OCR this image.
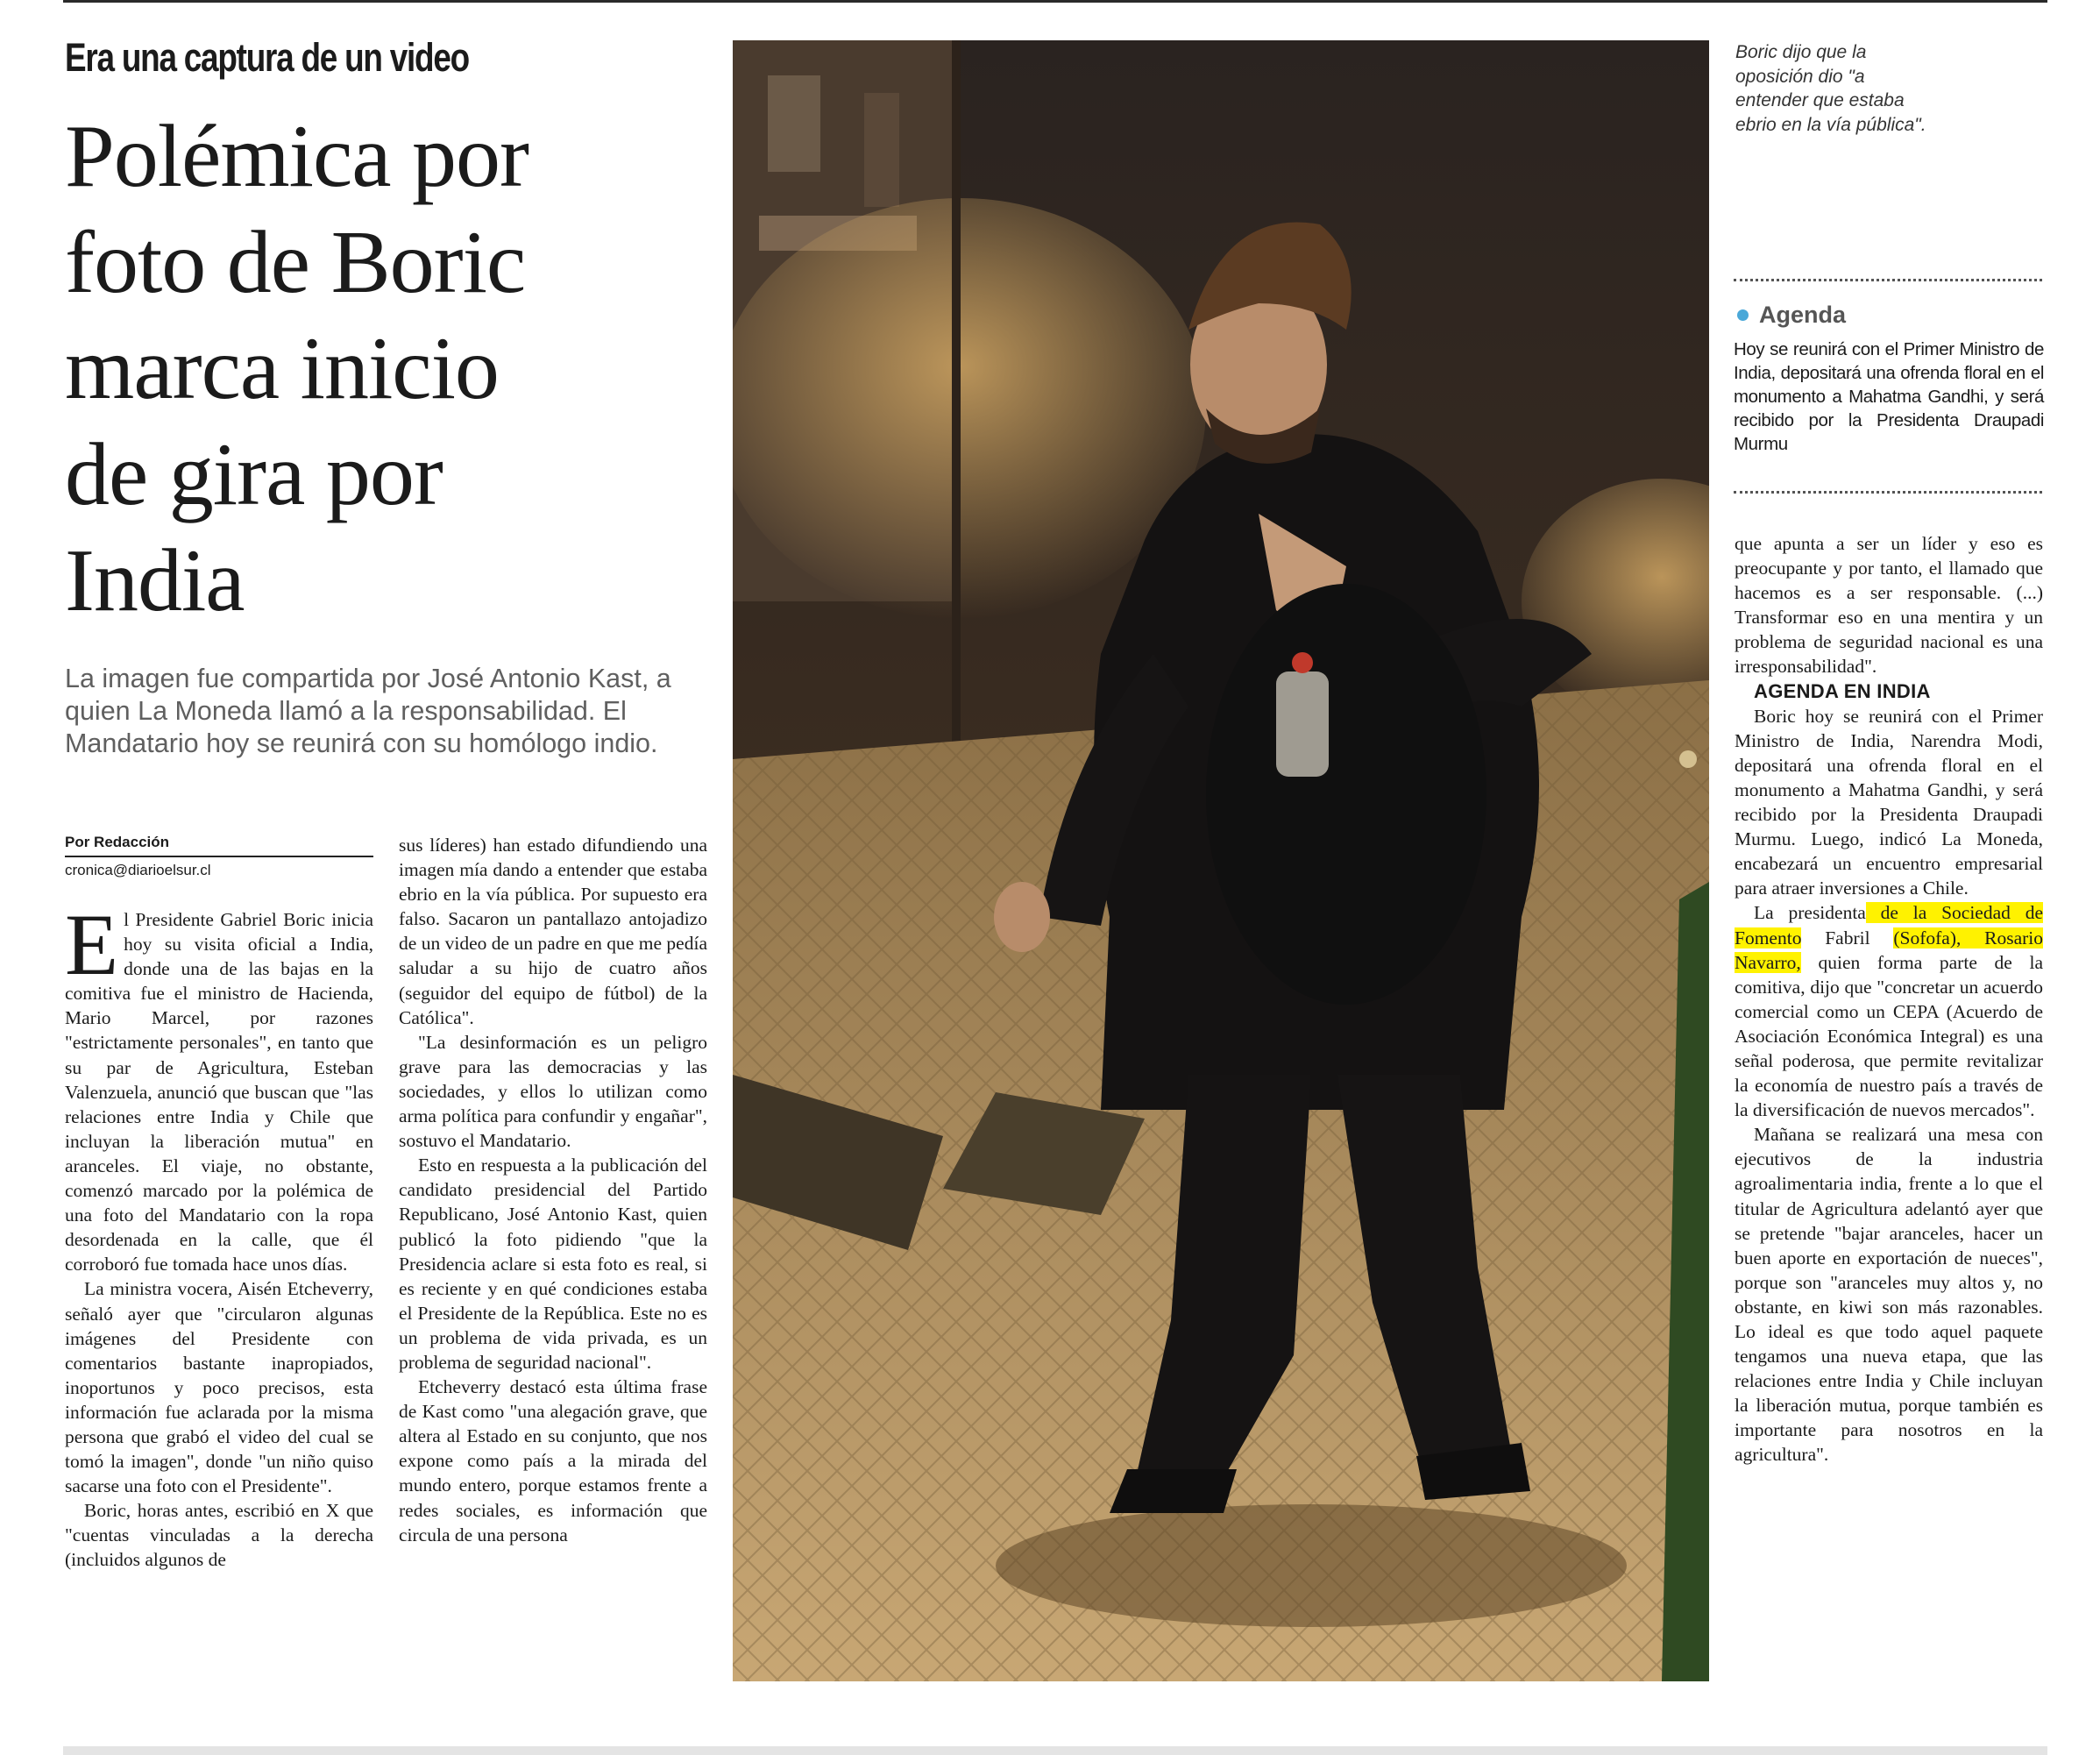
Era una captura de un video
Polémica por
foto de Boric
marca inicio
de gira por
India

La imagen fue compartida por José Antonio Kast, a quien La Moneda llamó a la responsabilidad. El Mandatario hoy se reunirá con su homólogo indio.

Por Redacción
cronica@diarioelsur.cl

El Presidente Gabriel Boric inicia hoy su visita oficial a India, donde una de las bajas en la comitiva fue el ministro de Hacienda, Mario Marcel, por razones "estrictamente personales", en tanto que su par de Agricultura, Esteban Valenzuela, anunció que buscan que "las relaciones entre India y Chile que incluyan la liberación mutua" en aranceles. El viaje, no obstante, comenzó marcado por la polémica de una foto del Mandatario con la ropa desordenada en la calle, que él corroboró fue tomada hace unos días.

La ministra vocera, Aisén Etcheverry, señaló ayer que "circularon algunas imágenes del Presidente con comentarios bastante inapropiados, inoportunos y poco precisos, esta información fue aclarada por la misma persona que grabó el video del cual se tomó la imagen", donde "un niño quiso sacarse una foto con el Presidente".

Boric, horas antes, escribió en X que "cuentas vinculadas a la derecha (incluidos algunos de

sus líderes) han estado difundiendo una imagen mía dando a entender que estaba ebrio en la vía pública. Por supuesto era falso. Sacaron un pantallazo antojadizo de un video de un padre en que me pedía saludar a su hijo de cuatro años (seguidor del equipo de fútbol) de la Católica".

"La desinformación es un peligro grave para las democracias y las sociedades, y ellos lo utilizan como arma política para confundir y engañar", sostuvo el Mandatario.

Esto en respuesta a la publicación del candidato presidencial del Partido Republicano, José Antonio Kast, quien publicó la foto pidiendo "que la Presidencia aclare si esta foto es real, si es reciente y en qué condiciones estaba el Presidente de la República. Este no es un problema de vida privada, es un problema de seguridad nacional".

Etcheverry destacó esta última frase de Kast como "una alegación grave, que altera al Estado en su conjunto, que nos expone como país a la mirada del mundo entero, porque estamos frente a redes sociales, es información que circula de una persona

Boric dijo que la oposición dio "a entender que estaba ebrio en la vía pública".

Agenda

Hoy se reunirá con el Primer Ministro de India, depositará una ofrenda floral en el monumento a Mahatma Gandhi, y será recibido por la Presidenta Draupadi Murmu

que apunta a ser un líder y eso es preocupante y por tanto, el llamado que hacemos es a ser responsable. (...) Transformar eso en una mentira y un problema de seguridad nacional es una irresponsabilidad".

AGENDA EN INDIA

Boric hoy se reunirá con el Primer Ministro de India, Narendra Modi, depositará una ofrenda floral en el monumento a Mahatma Gandhi, y será recibido por la Presidenta Draupadi Murmu. Luego, indicó La Moneda, encabezará un encuentro empresarial para atraer inversiones a Chile.

La presidenta de la Sociedad de Fomento Fabril (Sofofa), Rosario Navarro, quien forma parte de la comitiva, dijo que "concretar un acuerdo comercial como un CEPA (Acuerdo de Asociación Económica Integral) es una señal poderosa, que permite revitalizar la economía de nuestro país a través de la diversificación de nuevos mercados".

Mañana se realizará una mesa con ejecutivos de la industria agroalimentaria india, frente a lo que el titular de Agricultura adelantó ayer que se pretende "bajar aranceles, hacer un buen aporte en exportación de nueces", porque son "aranceles muy altos y, no obstante, en kiwi son más razonables. Lo ideal es que todo aquel paquete tengamos una nueva etapa, que las relaciones entre India y Chile incluyan la liberación mutua, porque también es importante para nosotros en la agricultura".
